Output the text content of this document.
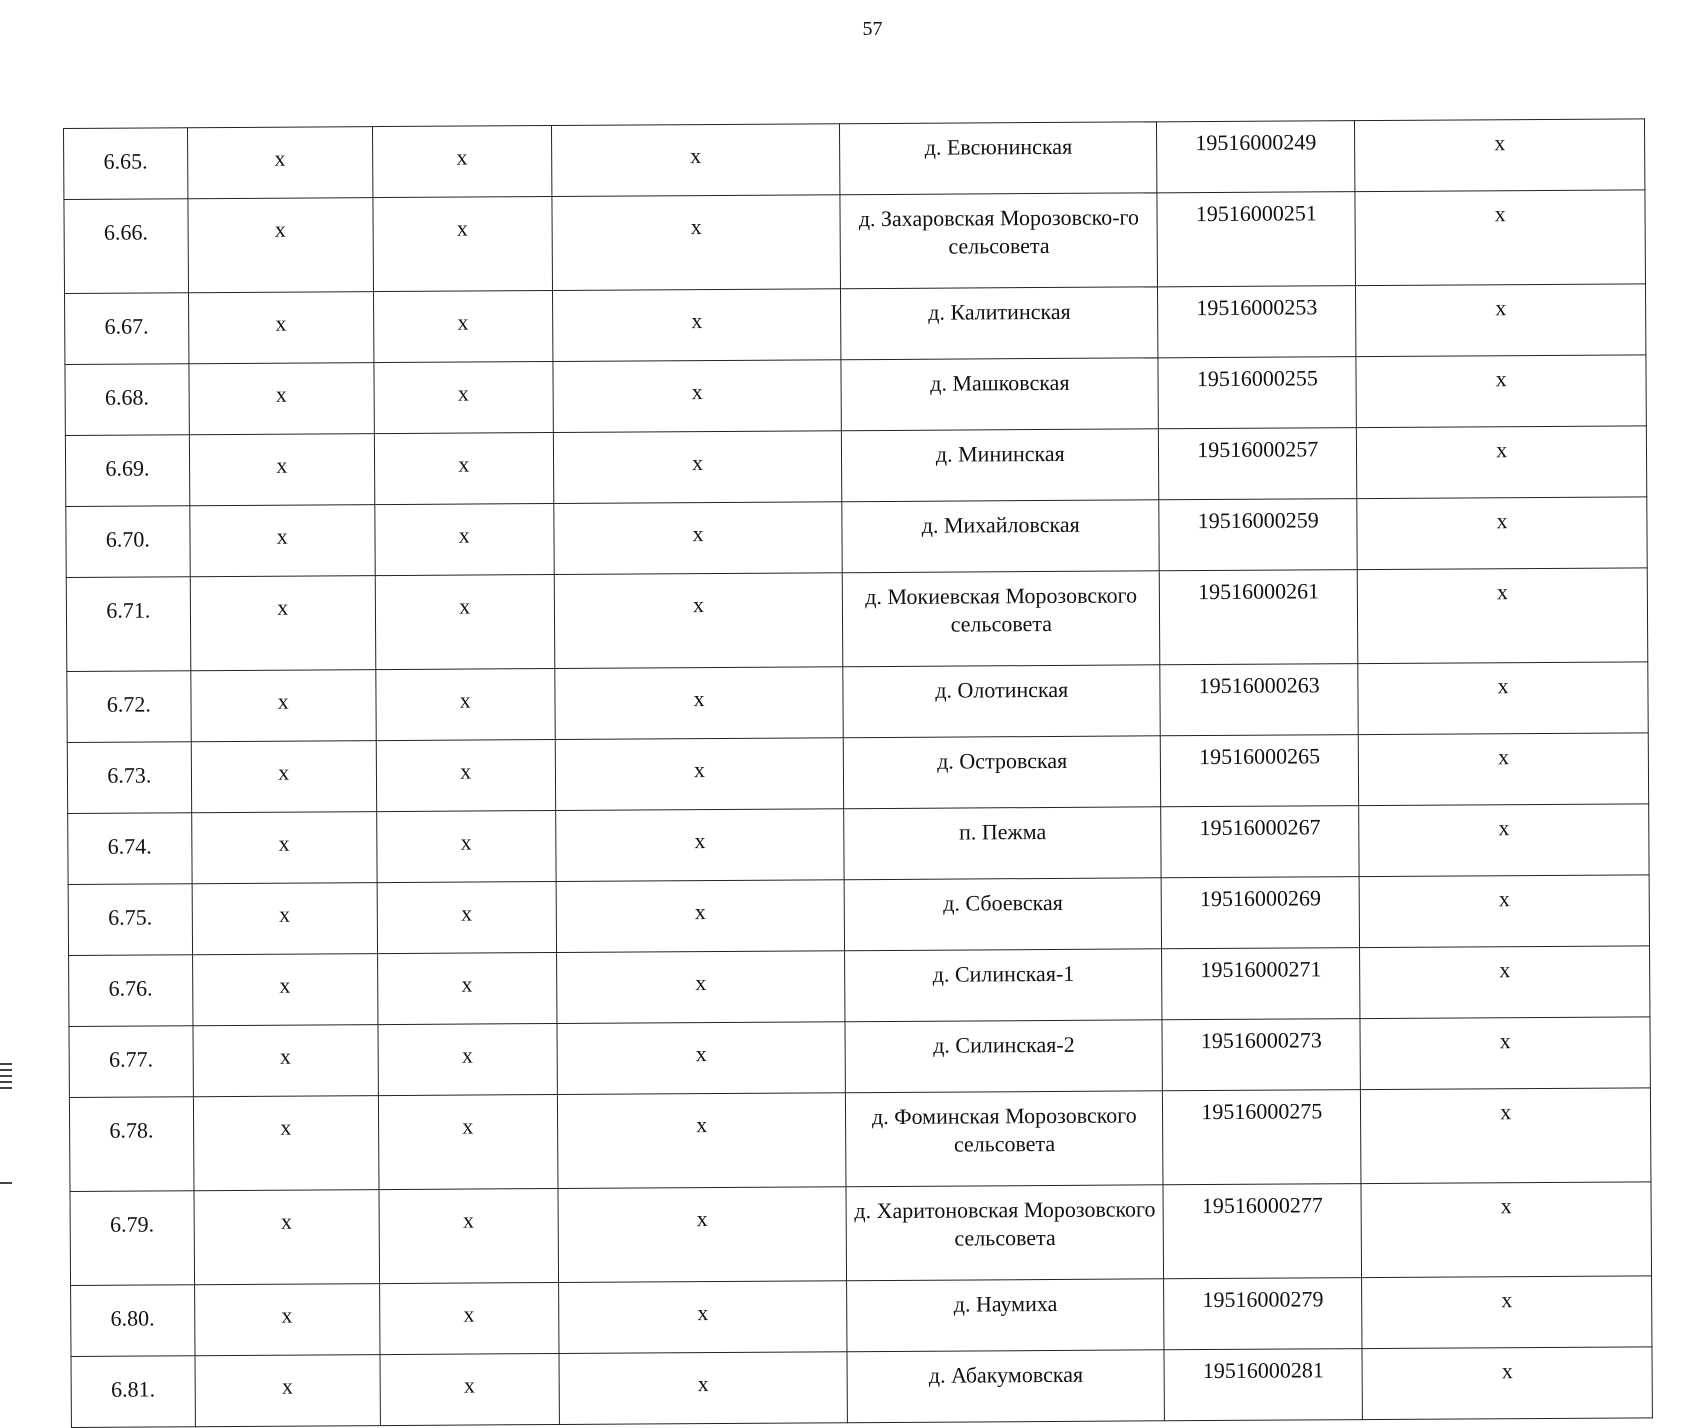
57
6.65.	х	х	х	д. Евсюнинская	19516000249	х
6.66.	х	х	х	д. Захаровская Морозовско-го сельсовета	19516000251	х
6.67.	х	х	х	д. Калитинская	19516000253	х
6.68.	х	х	х	д. Машковская	19516000255	х
6.69.	х	х	х	д. Мининская	19516000257	х
6.70.	х	х	х	д. Михайловская	19516000259	х
6.71.	х	х	х	д. Мокиевская Морозовского сельсовета	19516000261	х
6.72.	х	х	х	д. Олотинская	19516000263	х
6.73.	х	х	х	д. Островская	19516000265	х
6.74.	х	х	х	п. Пежма	19516000267	х
6.75.	х	х	х	д. Сбоевская	19516000269	х
6.76.	х	х	х	д. Силинская-1	19516000271	х
6.77.	х	х	х	д. Силинская-2	19516000273	х
6.78.	х	х	х	д. Фоминская Морозовского сельсовета	19516000275	х
6.79.	х	х	х	д. Харитоновская Морозовского сельсовета	19516000277	х
6.80.	х	х	х	д. Наумиха	19516000279	х
6.81.	х	х	х	д. Абакумовская	19516000281	х
